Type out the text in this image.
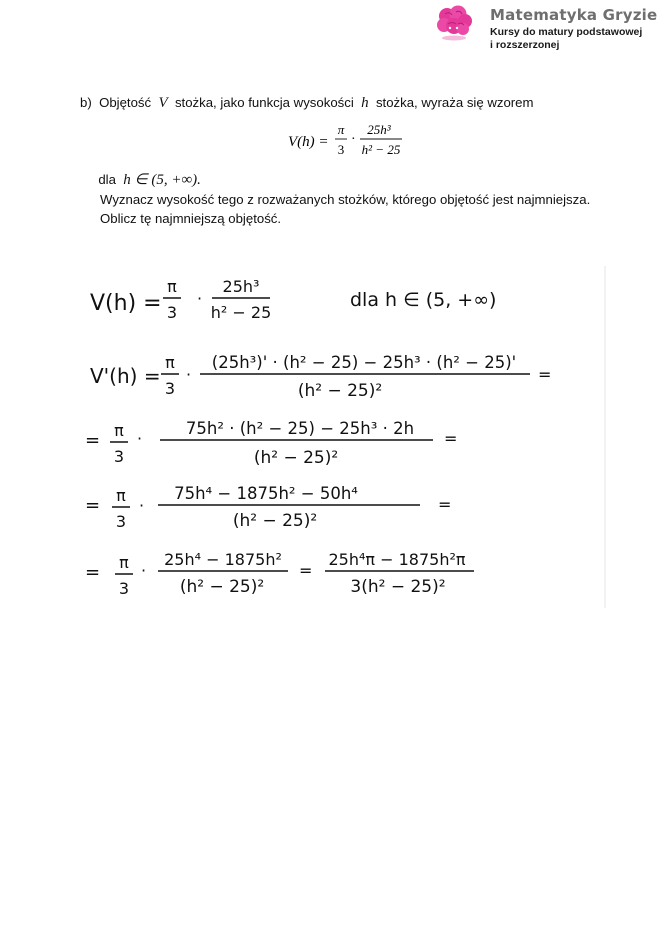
Matematyka Gryzie
Kursy do matury podstawowej
i rozszerzonej
b) Objętość V stożka, jako funkcja wysokości h stożka, wyraża się wzorem
dla h ∈ (5, +∞).
Wyznacz wysokość tego z rozważanych stożków, którego objętość jest najmniejsza.
Oblicz tę najmniejszą objętość.
V(h) =
π
3
·
25h³
h² − 25
V(h) =
π
3
·
25h³
h² − 25
dla h ∈ (5, +∞)
V'(h) =
π
3
·
(25h³)' · (h² − 25) − 25h³ · (h² − 25)'
(h² − 25)²
=
= π
3
·
75h² · (h² − 25) − 25h³ · 2h
(h² − 25)²
=
= π
3
·
75h⁴ − 1875h² − 50h⁴
(h² − 25)²
=
= π
3
·
25h⁴ − 1875h²
(h² − 25)²
=
25h⁴π − 1875h²π
3(h² − 25)²
